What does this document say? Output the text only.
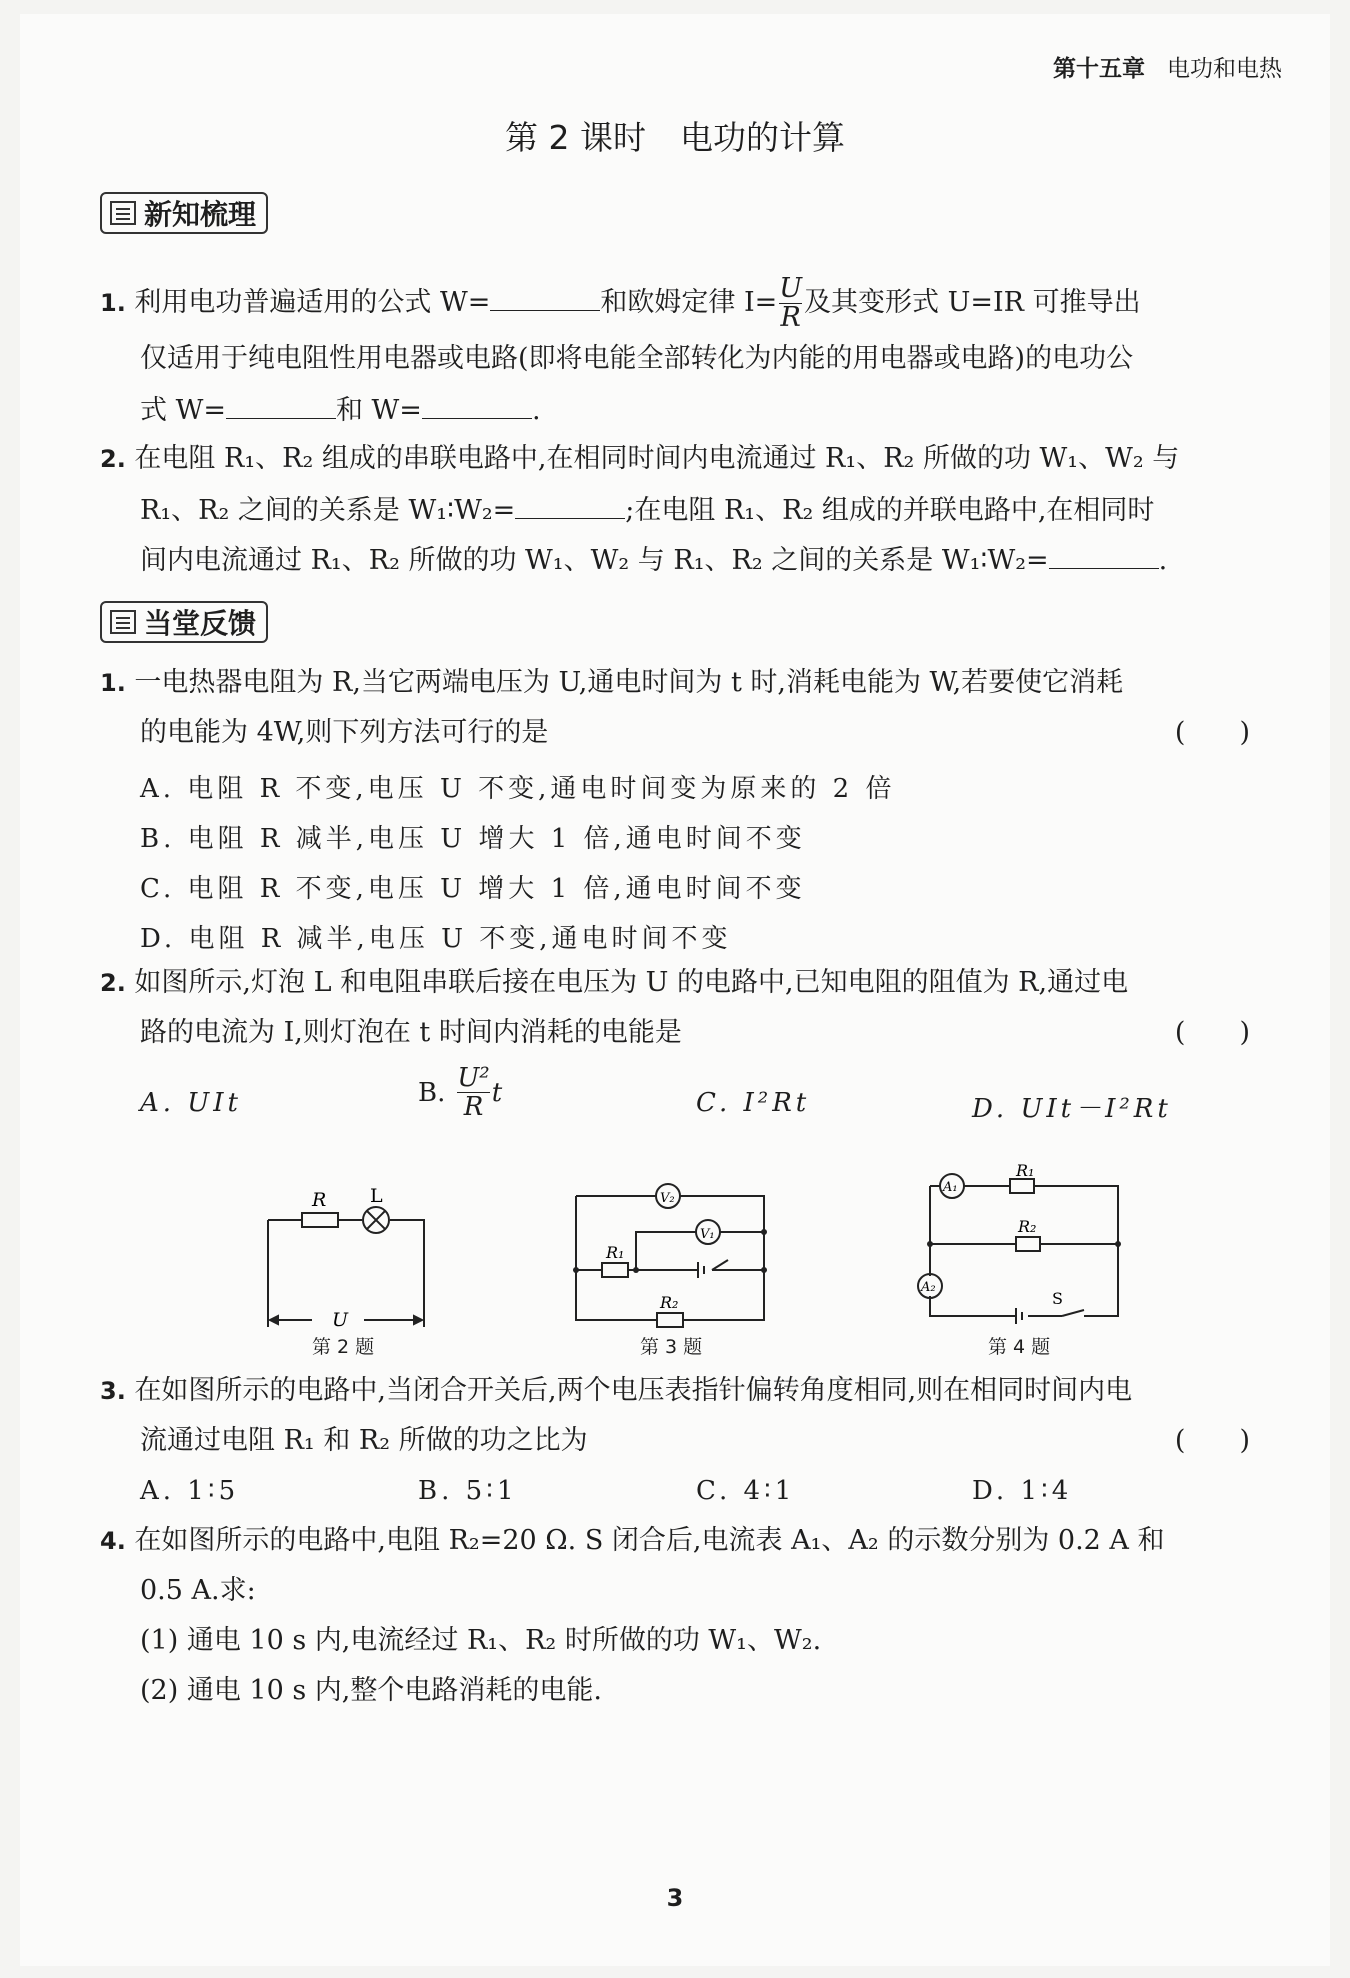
第十五章 电功和电热
第 2 课时 电功的计算
新知梳理
1. 利用电功普遍适用的公式 W=	和欧姆定律 $I= \frac{U}{R}$ 及其变形式 U=IR 可推导出
仅适用于纯电阻性用电器或电路(即将电能全部转化为内能的用电器或电路)的电功公
式 W=	和 W=	.
2. 在电阻 R₁、R₂ 组成的串联电路中,在相同时间内电流通过 R₁、R₂ 所做的功 W₁、W₂ 与
R₁、R₂ 之间的关系是 W₁∶W₂=	;在电阻 R₁、R₂ 组成的并联电路中,在相同时
间内电流通过 R₁、R₂ 所做的功 W₁、W₂ 与 R₁、R₂ 之间的关系是 W₁∶W₂=	.
当堂反馈
1. 一电热器电阻为 R,当它两端电压为 U,通电时间为 t 时,消耗电能为 W,若要使它消耗
的电能为 4W,则下列方法可行的是	(　　)
A. 电阻 R 不变,电压 U 不变,通电时间变为原来的 2 倍
B. 电阻 R 减半,电压 U 增大 1 倍,通电时间不变
C. 电阻 R 不变,电压 U 增大 1 倍,通电时间不变
D. 电阻 R 减半,电压 U 不变,通电时间不变
2. 如图所示,灯泡 L 和电阻串联后接在电压为 U 的电路中,已知电阻的阻值为 R,通过电
路的电流为 I,则灯泡在 t 时间内消耗的电能是	(　　)
A. UIt	B. $\frac{\text{U²}}{R}$ t	C. I²Rt	D. UIt－I²Rt
R L
U
第 2 题
V₂
V₁
R₁
R₂
第 3 题
A₁
A₂
R₁
R₂
S
第 4 题
3. 在如图所示的电路中,当闭合开关后,两个电压表指针偏转角度相同,则在相同时间内电
流通过电阻 R₁ 和 R₂ 所做的功之比为	(　　)
A. 1∶5	B. 5∶1	C. 4∶1	D. 1∶4
4. 在如图所示的电路中,电阻 R₂=20 Ω. S 闭合后,电流表 A₁、A₂ 的示数分别为 0.2 A 和
0.5 A.求:
(1) 通电 10 s 内,电流经过 R₁、R₂ 时所做的功 W₁、W₂.
(2) 通电 10 s 内,整个电路消耗的电能.
3
